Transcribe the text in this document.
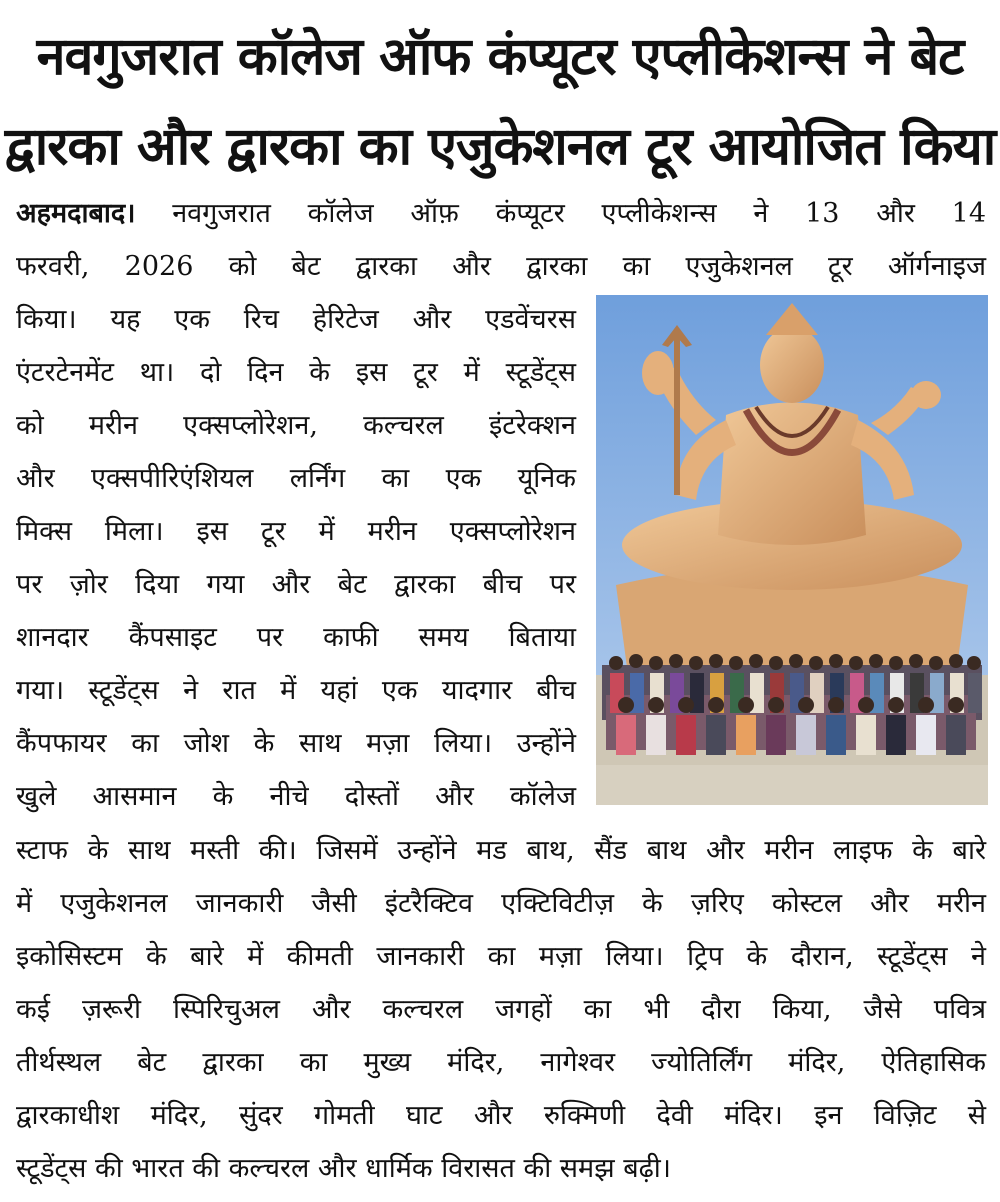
नवगुजरात कॉलेज ऑफ कंप्यूटर एप्लीकेशन्स ने बेट
द्वारका और द्वारका का एजुकेशनल टूर आयोजित किया
अहमदाबाद। नवगुजरात कॉलेज ऑफ़ कंप्यूटर एप्लीकेशन्स ने 13 और 14
फरवरी, 2026 को बेट द्वारका और द्वारका का एजुकेशनल टूर ऑर्गनाइज
किया। यह एक रिच हेरिटेज और एडवेंचरस
एंटरटेनमेंट था। दो दिन के इस टूर में स्टूडेंट्स
को मरीन एक्सप्लोरेशन, कल्चरल इंटरेक्शन
और एक्सपीरिएंशियल लर्निंग का एक यूनिक
मिक्स मिला। इस टूर में मरीन एक्सप्लोरेशन
पर ज़ोर दिया गया और बेट द्वारका बीच पर
शानदार कैंपसाइट पर काफी समय बिताया
गया। स्टूडेंट्स ने रात में यहां एक यादगार बीच
कैंपफायर का जोश के साथ मज़ा लिया। उन्होंने
खुले आसमान के नीचे दोस्तों और कॉलेज
स्टाफ के साथ मस्ती की। जिसमें उन्होंने मड बाथ, सैंड बाथ और मरीन लाइफ के बारे
में एजुकेशनल जानकारी जैसी इंटरैक्टिव एक्टिविटीज़ के ज़रिए कोस्टल और मरीन
इकोसिस्टम के बारे में कीमती जानकारी का मज़ा लिया। ट्रिप के दौरान, स्टूडेंट्स ने
कई ज़रूरी स्पिरिचुअल और कल्चरल जगहों का भी दौरा किया, जैसे पवित्र
तीर्थस्थल बेट द्वारका का मुख्य मंदिर, नागेश्वर ज्योतिर्लिंग मंदिर, ऐतिहासिक
द्वारकाधीश मंदिर, सुंदर गोमती घाट और रुक्मिणी देवी मंदिर। इन विज़िट से
स्टूडेंट्स की भारत की कल्चरल और धार्मिक विरासत की समझ बढ़ी।
